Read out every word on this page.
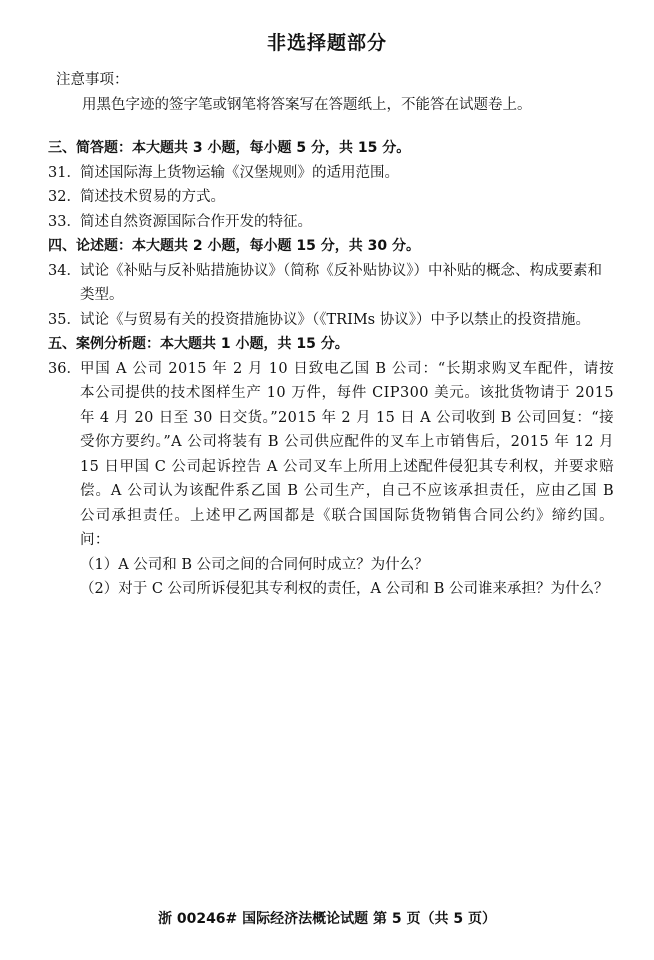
非选择题部分
注意事项：
用黑色字迹的签字笔或钢笔将答案写在答题纸上，不能答在试题卷上。
三、简答题：本大题共 3 小题，每小题 5 分，共 15 分。
31． 简述国际海上货物运输《汉堡规则》的适用范围。
32． 简述技术贸易的方式。
33． 简述自然资源国际合作开发的特征。
四、论述题：本大题共 2 小题，每小题 15 分，共 30 分。
34． 试论《补贴与反补贴措施协议》（简称《反补贴协议》）中补贴的概念、构成要素和类型。
35． 试论《与贸易有关的投资措施协议》（《TRIMs 协议》）中予以禁止的投资措施。
五、案例分析题：本大题共 1 小题，共 15 分。
36． 甲国 A 公司 2015 年 2 月 10 日致电乙国 B 公司：“长期求购叉车配件，请按本公司提供的技术图样生产 10 万件，每件 CIP300 美元。该批货物请于 2015 年 4 月 20 日至 30 日交货。”2015 年 2 月 15 日 A 公司收到 B 公司回复：“接受你方要约。”A 公司将装有 B 公司供应配件的叉车上市销售后，2015 年 12 月 15 日甲国 C 公司起诉控告 A 公司叉车上所用上述配件侵犯其专利权，并要求赔偿。A 公司认为该配件系乙国 B 公司生产，自己不应该承担责任，应由乙国 B 公司承担责任。上述甲乙两国都是《联合国国际货物销售合同公约》缔约国。问：
（1）A 公司和 B 公司之间的合同何时成立？为什么？
（2）对于 C 公司所诉侵犯其专利权的责任，A 公司和 B 公司谁来承担？为什么？
浙 00246# 国际经济法概论试题 第 5 页（共 5 页）
